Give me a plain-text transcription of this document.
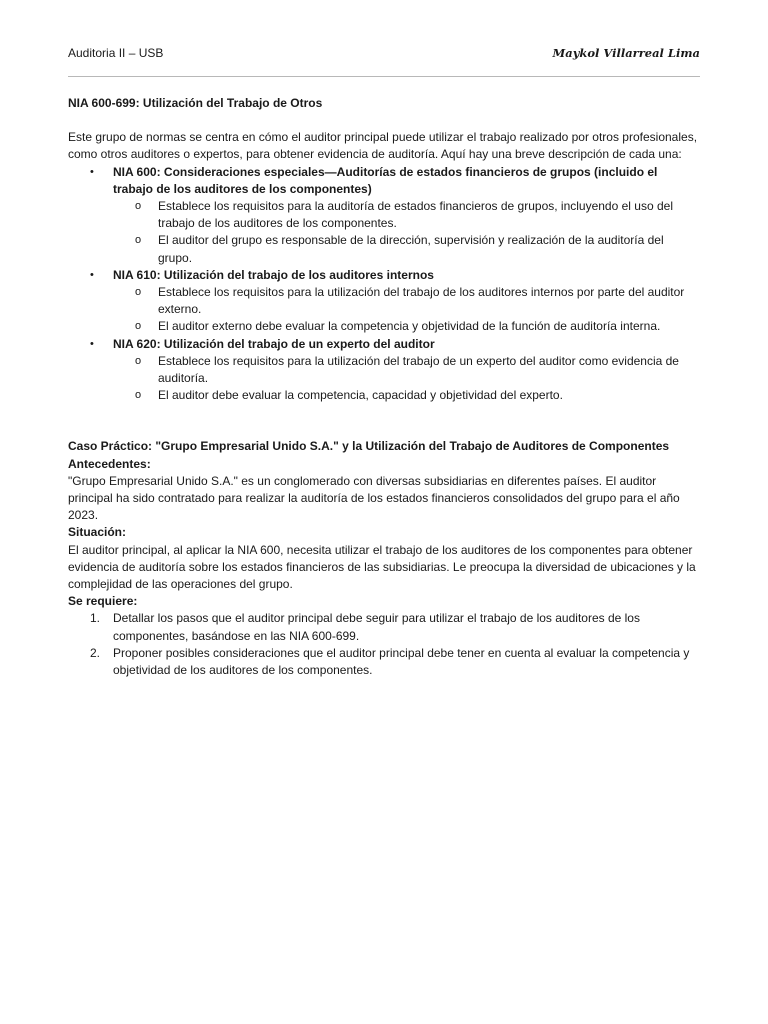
Auditoria II – USB	Maykol Villarreal Lima

NIA 600-699: Utilización del Trabajo de Otros

Este grupo de normas se centra en cómo el auditor principal puede utilizar el trabajo realizado por otros profesionales, como otros auditores o expertos, para obtener evidencia de auditoría. Aquí hay una breve descripción de cada una:

• NIA 600: Consideraciones especiales—Auditorías de estados financieros de grupos (incluido el trabajo de los auditores de los componentes)
o Establece los requisitos para la auditoría de estados financieros de grupos, incluyendo el uso del trabajo de los auditores de los componentes.
o El auditor del grupo es responsable de la dirección, supervisión y realización de la auditoría del grupo.
• NIA 610: Utilización del trabajo de los auditores internos
o Establece los requisitos para la utilización del trabajo de los auditores internos por parte del auditor externo.
o El auditor externo debe evaluar la competencia y objetividad de la función de auditoría interna.
• NIA 620: Utilización del trabajo de un experto del auditor
o Establece los requisitos para la utilización del trabajo de un experto del auditor como evidencia de auditoría.
o El auditor debe evaluar la competencia, capacidad y objetividad del experto.

Caso Práctico: "Grupo Empresarial Unido S.A." y la Utilización del Trabajo de Auditores de Componentes

Antecedentes:

"Grupo Empresarial Unido S.A." es un conglomerado con diversas subsidiarias en diferentes países. El auditor principal ha sido contratado para realizar la auditoría de los estados financieros consolidados del grupo para el año 2023.

Situación:

El auditor principal, al aplicar la NIA 600, necesita utilizar el trabajo de los auditores de los componentes para obtener evidencia de auditoría sobre los estados financieros de las subsidiarias. Le preocupa la diversidad de ubicaciones y la complejidad de las operaciones del grupo.

Se requiere:

1. Detallar los pasos que el auditor principal debe seguir para utilizar el trabajo de los auditores de los componentes, basándose en las NIA 600-699.
2. Proponer posibles consideraciones que el auditor principal debe tener en cuenta al evaluar la competencia y objetividad de los auditores de los componentes.
